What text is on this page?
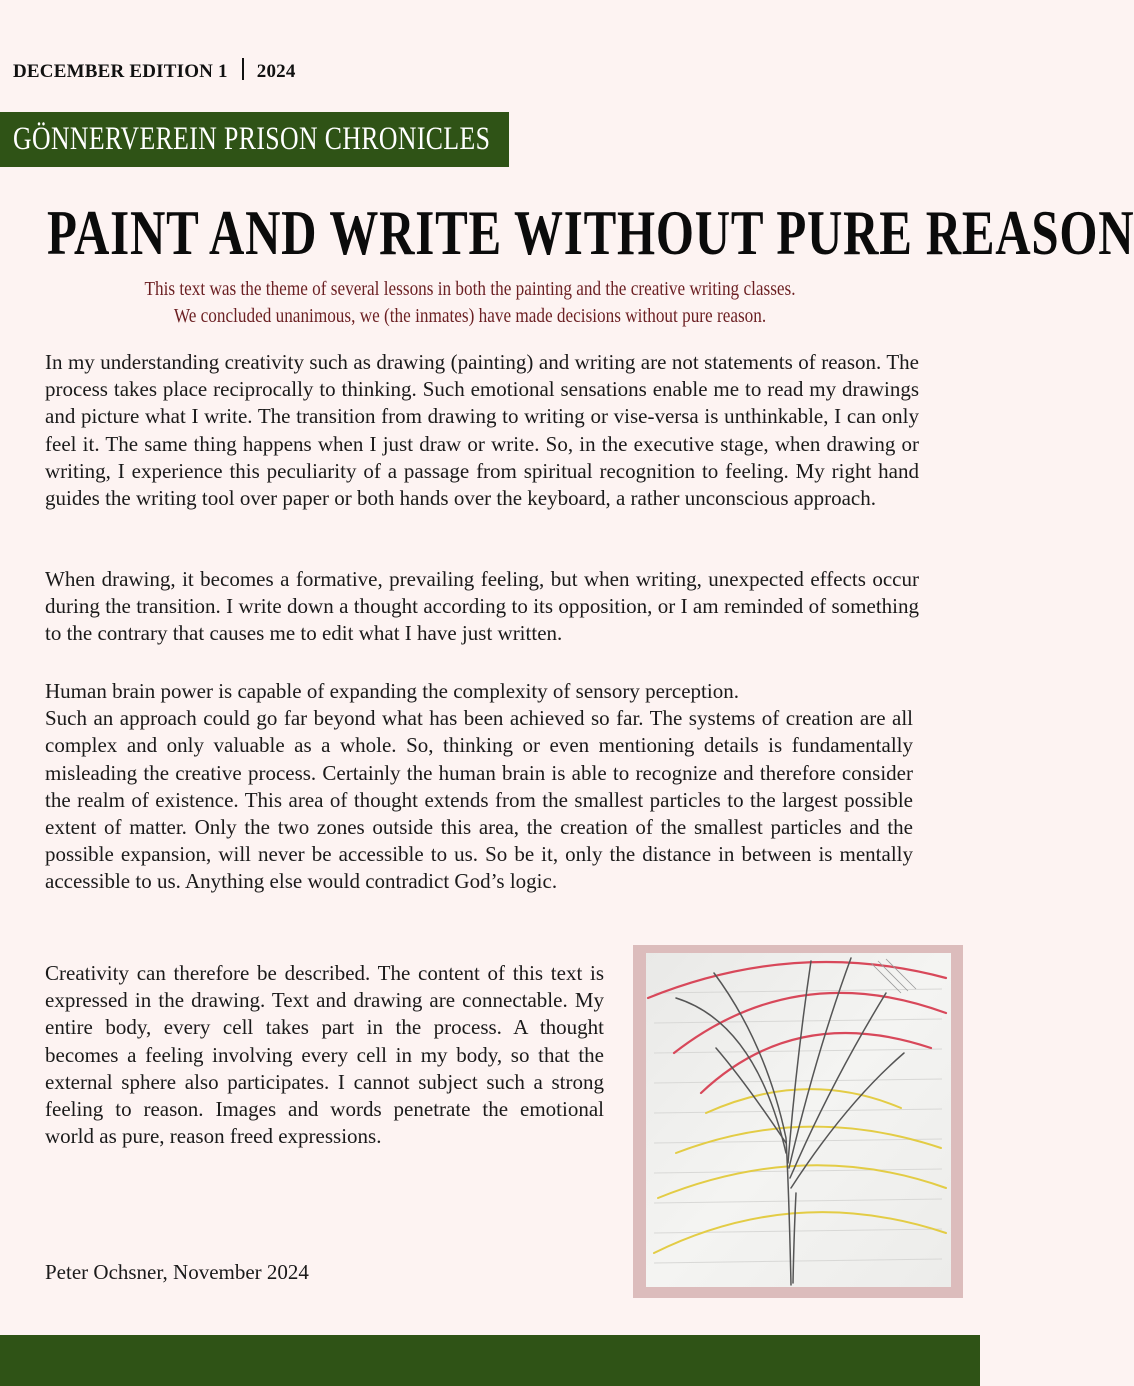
DECEMBER EDITION 1 2024
GÖNNERVEREIN PRISON CHRONICLES
PAINT AND WRITE WITHOUT PURE REASON
This text was the theme of several lessons in both the painting and the creative writing classes.
We concluded unanimous, we (the inmates) have made decisions without pure reason.
In my understanding creativity such as drawing (painting) and writing are not statements of reason. The process takes place reciprocally to thinking. Such emotional sensations enable me to read my drawings and picture what I write. The transition from drawing to writing or vise-versa is unthinkable, I can only feel it. The same thing happens when I just draw or write. So, in the executive stage, when drawing or writing, I experience this peculiarity of a passage from spiritual recognition to feeling. My right hand guides the writing tool over paper or both hands over the keyboard, a rather unconscious approach.
When drawing, it becomes a formative, prevailing feeling, but when writing, unexpected effects occur during the transition. I write down a thought according to its opposition, or I am reminded of something to the contrary that causes me to edit what I have just written.
Human brain power is capable of expanding the complexity of sensory perception.
Such an approach could go far beyond what has been achieved so far. The systems of creation are all complex and only valuable as a whole. So, thinking or even mentioning details is fundamentally misleading the creative process. Certainly the human brain is able to recognize and therefore consider the realm of existence. This area of thought extends from the smallest particles to the largest possible extent of matter. Only the two zones outside this area, the creation of the smallest particles and the possible expansion, will never be accessible to us. So be it, only the distance in between is mentally accessible to us. Anything else would contradict God’s logic.
Creativity can therefore be described. The content of this text is expressed in the drawing. Text and drawing are connectable. My entire body, every cell takes part in the process. A thought becomes a feeling involving every cell in my body, so that the external sphere also participates. I cannot subject such a strong feeling to reason. Images and words penetrate the emotional world as pure, reason freed expressions.
Peter Ochsner, November 2024
